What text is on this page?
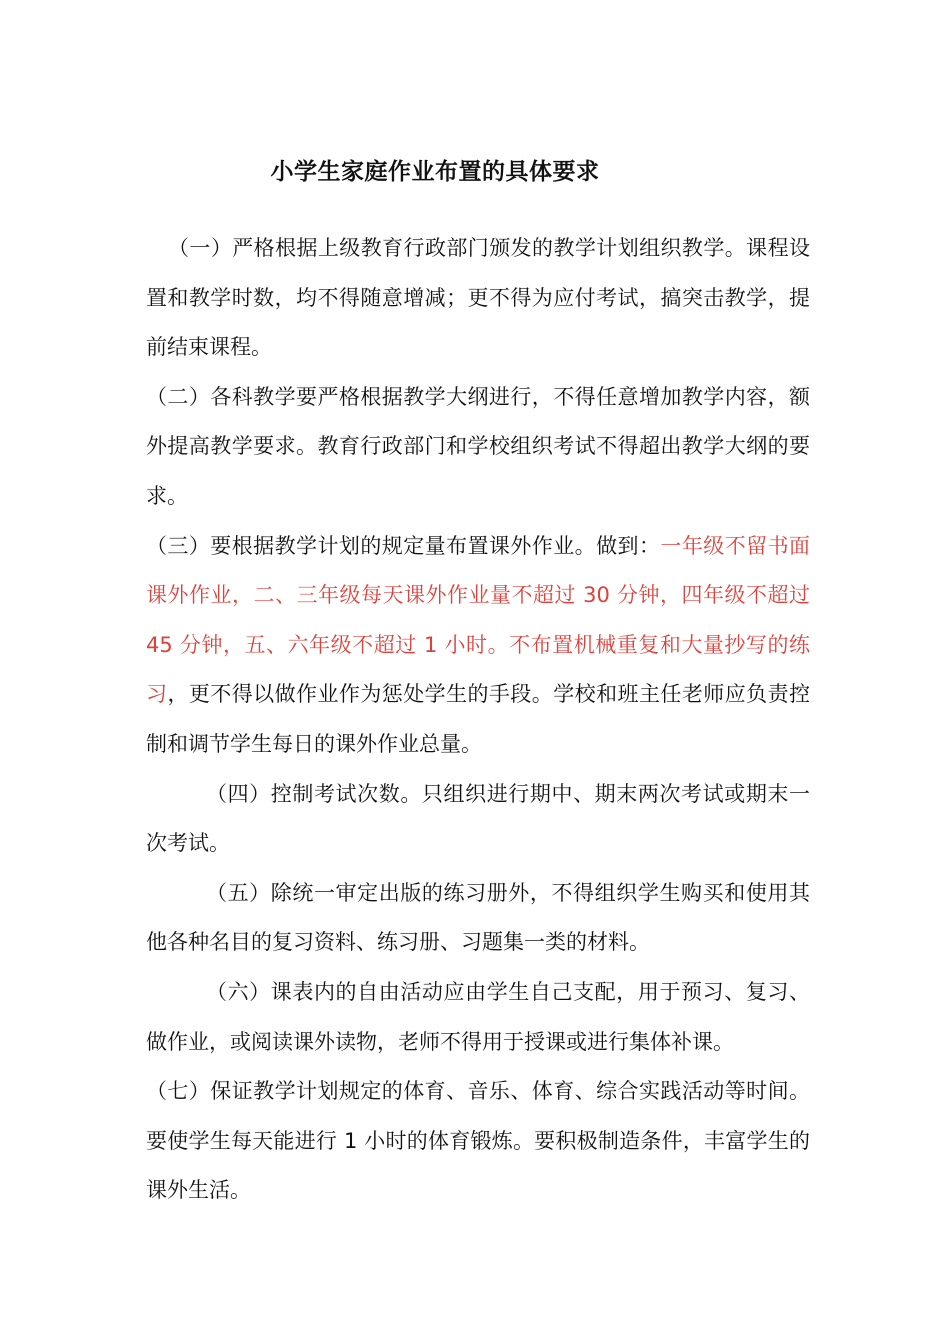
小学生家庭作业布置的具体要求

（一）严格根据上级教育行政部门颁发的教学计划组织教学。课程设置和教学时数，均不得随意增减；更不得为应付考试，搞突击教学，提前结束课程。

（二）各科教学要严格根据教学大纲进行，不得任意增加教学内容，额外提高教学要求。教育行政部门和学校组织考试不得超出教学大纲的要求。

（三）要根据教学计划的规定量布置课外作业。做到：一年级不留书面课外作业，二、三年级每天课外作业量不超过 30 分钟，四年级不超过 45 分钟，五、六年级不超过 1 小时。不布置机械重复和大量抄写的练习，更不得以做作业作为惩处学生的手段。学校和班主任老师应负责控制和调节学生每日的课外作业总量。

（四）控制考试次数。只组织进行期中、期末两次考试或期末一次考试。

（五）除统一审定出版的练习册外，不得组织学生购买和使用其他各种名目的复习资料、练习册、习题集一类的材料。

（六）课表内的自由活动应由学生自己支配，用于预习、复习、做作业，或阅读课外读物，老师不得用于授课或进行集体补课。

（七）保证教学计划规定的体育、音乐、体育、综合实践活动等时间。要使学生每天能进行 1 小时的体育锻炼。要积极制造条件，丰富学生的课外生活。
